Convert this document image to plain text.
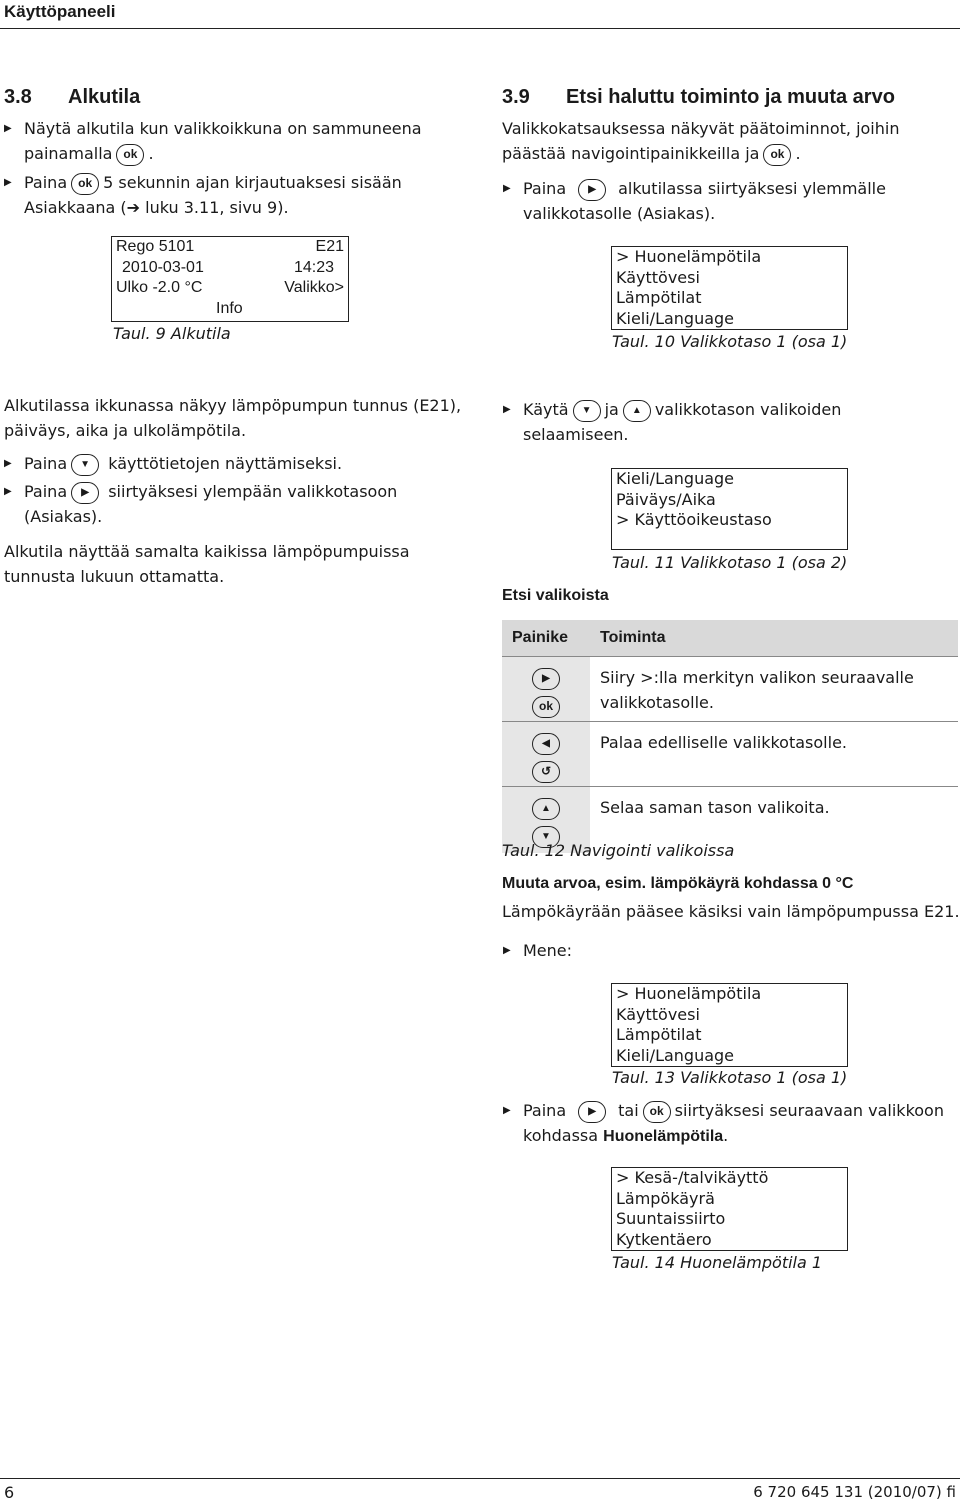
Käyttöpaneeli
3.8 Alkutila
▶ Näytä alkutila kun valikkoikkuna on sammuneena
painamalla ok .
▶ Paina ok 5 sekunnin ajan kirjautuaksesi sisään
Asiakkaana (➔ luku 3.11, sivu 9).
Rego 5101	E21
2010-03-01	14:23
Ulko -2.0 °C	Valikko>
Info
Taul. 9 Alkutila

Alkutilassa ikkunassa näkyy lämpöpumpun tunnus (E21),

päiväys, aika ja ulkolämpötila.

▶ Paina ▼ käyttötietojen näyttämiseksi.
▶ Paina ▶ siirtyäksesi ylempään valikkotasoon
(Asiakas).

Alkutila näyttää samalta kaikissa lämpöpumpuissa

tunnusta lukuun ottamatta.

3.9 Etsi haluttu toiminto ja muuta arvo

Valikkokatsauksessa näkyvät päätoiminnot, joihin

päästää navigointipainikkeilla ja ok .

▶ Paina ▶ alkutilassa siirtyäksesi ylemmälle
valikkotasolle (Asiakas).
> Huonelämpötila
Käyttövesi
Lämpötilat
Kieli/Language
Taul. 10 Valikkotaso 1 (osa 1)
▶ Käytä ▼ ja ▲ valikkotason valikoiden
selaamiseen.
Kieli/Language
Päiväys/Aika
> Käyttöoikeustaso
Taul. 11 Valikkotaso 1 (osa 2)
Etsi valikoista
Painike	Toiminta
▶
ok	Siiry >:lla merkityn valikon seuraavalle
valikkotasolle.

◀
↺	Palaa edelliselle valikkotasolle.
▲
▼	Selaa saman tason valikoita.
Taul. 12 Navigointi valikoissa
Muuta arvoa, esim. lämpökäyrä kohdassa 0 °C
Lämpökäyrään pääsee käsiksi vain lämpöpumpussa E21.
▶ Mene:
> Huonelämpötila
Käyttövesi
Lämpötilat
Kieli/Language
Taul. 13 Valikkotaso 1 (osa 1)
▶ Paina ▶ tai ok siirtyäksesi seuraavaan valikkoon
kohdassa Huonelämpötila.
> Kesä-/talvikäyttö
Lämpökäyrä
Suuntaissiirto
Kytkentäero
Taul. 14 Huonelämpötila 1
6	6 720 645 131 (2010/07) fi
